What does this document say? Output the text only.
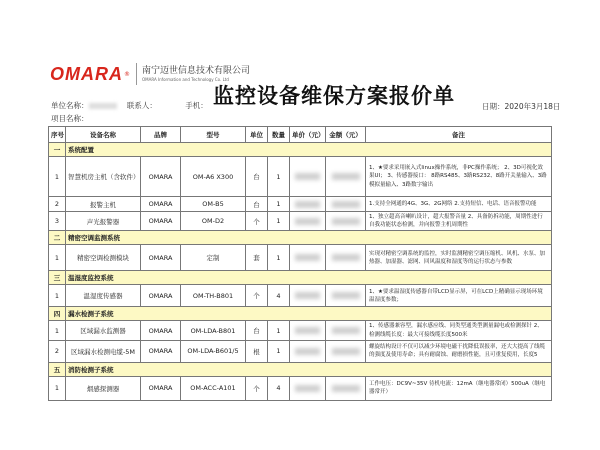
OMARA ® 南宁迈世信息技术有限公司
OMARA Information and Technology Co. Ltd
监控设备维保方案报价单
单位名称：	联系人：	手机：	日期：2020年3月18日
项目名称：
序号	设备名称	品牌	型号	单位	数量	单价（元）	金额（元）	备注
一	系统配置							
1	智慧机房主机（含软件）	OMARA	OM-A6 X300	台	1			1、★要求采用嵌入式linux操作系统，非PC操作系统； 2、3D可视化效果UI； 3、传感器接口： 8路RS485、3路RS232、8路开关量输入、3路模拟量输入、3路数字输出
2	报警主机	OMARA	OM-B5	台	1			1.支持全网通的4G、3G、2G网络 2.支持短信、电话、语音报警功能
3	声光报警器	OMARA	OM-D2	个	1			1、独立超高音喇叭设计，超大报警音量 2、具备防拆功能，周期性进行自我功能状态检测，并向报警主机周期性
二	精密空调监测系统							
1	精密空调检测模块	OMARA	定制	套	1			实现对精密空调系统的监控，实时监测精密空调压缩机、风机、水泵、加热器、加湿器、滤网、回风温度和湿度等的运行状态与参数
三	温湿度监控系统							
1	温湿度传感器	OMARA	OM-TH-B801	个	4			1、★要求温湿度传感器自带LCD显示屏，可在LCD上精确显示现场环境温湿度参数；
四	漏水检测子系统							
1	区域漏水监测器	OMARA	OM-LDA-B801	台	1			1、传感器兼容型，漏水感应线、同类型通类型测量漏电或检测探针 2、检测线缆长度：最大可接线缆长度500米
2	区域漏水检测电缆-5M	OMARA	OM-LDA-B601/5	根	1			螺旋结构设计不仅可以减少环境电磁干扰降低误报率，还大大提高了线缆的强度及使用寿命；具有耐腐蚀、耐磨损性能，且可重复使用，长度5
五	消防检测子系统							
1	烟感探测器	OMARA	OM-ACC-A101	个	4			工作电压：DC9V~35V 待机电流：12mA（继电器常闭）500uA（继电器常开）
